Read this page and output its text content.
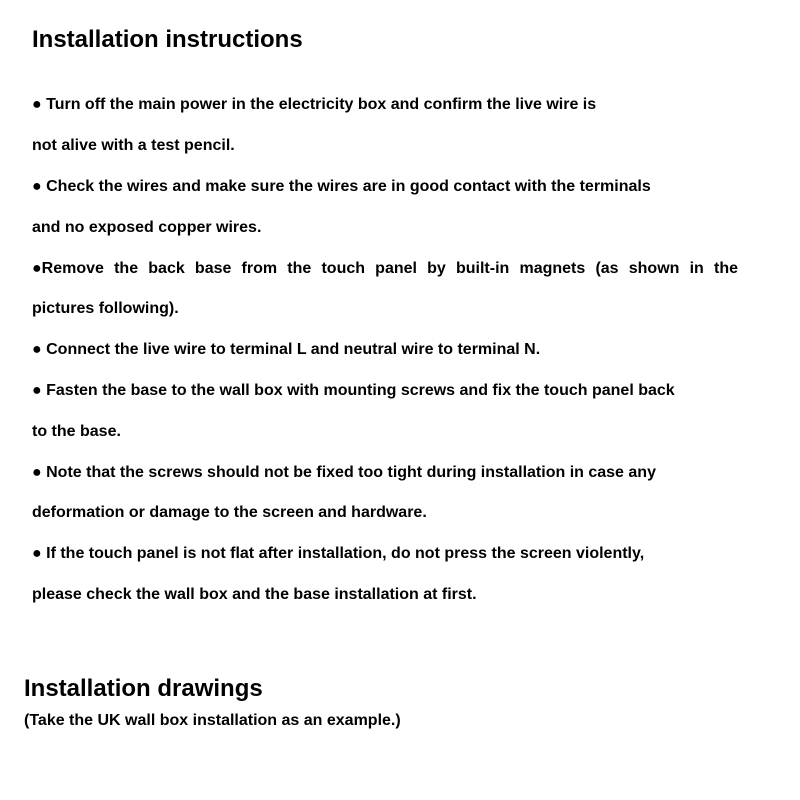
Installation instructions
● Turn off the main power in the electricity box and confirm the live wire is
not alive with a test pencil.
● Check the wires and make sure the wires are in good contact with the terminals
and no exposed copper wires.
●Remove the back base from the touch panel by built-in magnets (as shown in the
pictures following).
● Connect the live wire to terminal L and neutral wire to terminal N.
● Fasten the base to the wall box with mounting screws and fix the touch panel back
to the base.
● Note that the screws should not be fixed too tight during installation in case any
deformation or damage to the screen and hardware.
● If the touch panel is not flat after installation, do not press the screen violently,
please check the wall box and the base installation at first.
Installation drawings
(Take the UK wall box installation as an example.)
